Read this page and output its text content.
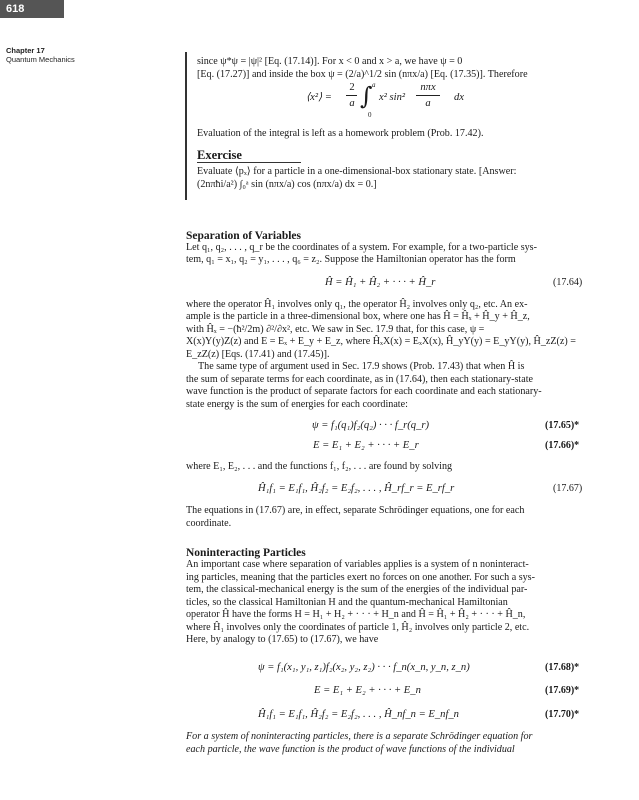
618
Chapter 17
Quantum Mechanics	since ψ*ψ = |ψ|² [Eq. (17.14)]. For x < 0 and x > a, we have ψ = 0
[Eq. (17.27)] and inside the box ψ = (2/a)^1/2 sin (nπx/a) [Eq. (17.35)]. Therefore
⟨x²⟩ =
2
a ∫ a
0
x² sin²
nπx
a
dx
Evaluation of the integral is left as a homework problem (Prob. 17.42).
Exercise
Evaluate ⟨pₓ⟩ for a particle in a one-dimensional-box stationary state. [Answer:
(2nπħi/a²) ∫₀ᵃ sin (nπx/a) cos (nπx/a) dx = 0.]
Separation of Variables
Let q₁, q₂, . . . , q_r be the coordinates of a system. For example, for a two-particle sys-
tem, q₁ = x₁, q₂ = y₁, . . . , q₆ = z₂. Suppose the Hamiltonian operator has the form
Ĥ = Ĥ₁ + Ĥ₂ + · · · + Ĥ_r	(17.64)
where the operator Ĥ₁ involves only q₁, the operator Ĥ₂ involves only q₂, etc. An ex-
ample is the particle in a three-dimensional box, where one has Ĥ = Ĥₓ + Ĥ_y + Ĥ_z,
with Ĥₓ = −(ħ²/2m) ∂²/∂x², etc. We saw in Sec. 17.9 that, for this case, ψ =
X(x)Y(y)Z(z) and E = Eₓ + E_y + E_z, where ĤₓX(x) = EₓX(x), Ĥ_yY(y) = E_yY(y), Ĥ_zZ(z) =
E_zZ(z) [Eqs. (17.41) and (17.45)].
The same type of argument used in Sec. 17.9 shows (Prob. 17.43) that when Ĥ is
the sum of separate terms for each coordinate, as in (17.64), then each stationary-state
wave function is the product of separate factors for each coordinate and each stationary-
state energy is the sum of energies for each coordinate:
ψ = f₁(q₁)f₂(q₂) · · · f_r(q_r)	(17.65)*
E = E₁ + E₂ + · · · + E_r	(17.66)*
where E₁, E₂, . . . and the functions f₁, f₂, . . . are found by solving
Ĥ₁f₁ = E₁f₁, Ĥ₂f₂ = E₂f₂, . . . , Ĥ_rf_r = E_rf_r	(17.67)
The equations in (17.67) are, in effect, separate Schrödinger equations, one for each
coordinate.
Noninteracting Particles
An important case where separation of variables applies is a system of n noninteract-
ing particles, meaning that the particles exert no forces on one another. For such a sys-
tem, the classical-mechanical energy is the sum of the energies of the individual par-
ticles, so the classical Hamiltonian H and the quantum-mechanical Hamiltonian
operator Ĥ have the forms H = H₁ + H₂ + · · · + H_n and Ĥ = Ĥ₁ + Ĥ₂ + · · · + Ĥ_n,
where Ĥ₁ involves only the coordinates of particle 1, Ĥ₂ involves only particle 2, etc.
Here, by analogy to (17.65) to (17.67), we have
ψ = f₁(x₁, y₁, z₁)f₂(x₂, y₂, z₂) · · · f_n(x_n, y_n, z_n)	(17.68)*
E = E₁ + E₂ + · · · + E_n	(17.69)*
Ĥ₁f₁ = E₁f₁, Ĥ₂f₂ = E₂f₂, . . . , Ĥ_nf_n = E_nf_n	(17.70)*
For a system of noninteracting particles, there is a separate Schrödinger equation for
each particle, the wave function is the product of wave functions of the individual
